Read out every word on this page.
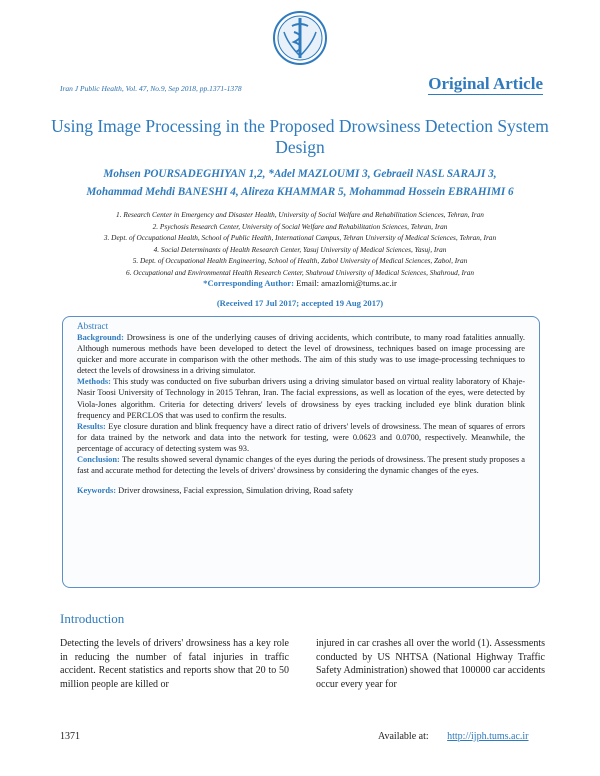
Iran J Public Health, Vol. 47, No.9, Sep 2018, pp.1371-1378	Original Article
Using Image Processing in the Proposed Drowsiness Detection System Design
Mohsen POURSADEGHIYAN 1,2, *Adel MAZLOUMI 3, Gebraeil NASL SARAJI 3,
Mohammad Mehdi BANESHI 4, Alireza KHAMMAR 5, Mohammad Hossein EBRAHIMI 6
1. Research Center in Emergency and Disaster Health, University of Social Welfare and Rehabilitation Sciences, Tehran, Iran
2. Psychosis Research Center, University of Social Welfare and Rehabilitation Sciences, Tehran, Iran
3. Dept. of Occupational Health, School of Public Health, International Campus, Tehran University of Medical Sciences, Tehran, Iran
4. Social Determinants of Health Research Center, Yasuj University of Medical Sciences, Yasuj, Iran
5. Dept. of Occupational Health Engineering, School of Health, Zabol University of Medical Sciences, Zabol, Iran
6. Occupational and Environmental Health Research Center, Shahroud University of Medical Sciences, Shahroud, Iran
*Corresponding Author: Email: amazlomi@tums.ac.ir
(Received 17 Jul 2017; accepted 19 Aug 2017)
Abstract

Background: Drowsiness is one of the underlying causes of driving accidents, which contribute, to many road fatalities annually. Although numerous methods have been developed to detect the level of drowsiness, techniques based on image processing are quicker and more accurate in comparison with the other methods. The aim of this study was to use image-processing techniques to detect the levels of drowsiness in a driving simulator.

Methods: This study was conducted on five suburban drivers using a driving simulator based on virtual reality laboratory of Khaje-Nasir Toosi University of Technology in 2015 Tehran, Iran. The facial expressions, as well as location of the eyes, were detected by Viola-Jones algorithm. Criteria for detecting drivers' levels of drowsiness by eyes tracking included eye blink duration blink frequency and PERCLOS that was used to confirm the results.

Results: Eye closure duration and blink frequency have a direct ratio of drivers' levels of drowsiness. The mean of squares of errors for data trained by the network and data into the network for testing, were 0.0623 and 0.0700, respectively. Meanwhile, the percentage of accuracy of detecting system was 93.

Conclusion: The results showed several dynamic changes of the eyes during the periods of drowsiness. The present study proposes a fast and accurate method for detecting the levels of drivers' drowsiness by considering the dynamic changes of the eyes.

Keywords: Driver drowsiness, Facial expression, Simulation driving, Road safety
Introduction
Detecting the levels of drivers' drowsiness has a key role in reducing the number of fatal injuries in traffic accident. Recent statistics and reports show that 20 to 50 million people are killed or
injured in car crashes all over the world (1). Assessments conducted by US NHTSA (National Highway Traffic Safety Administration) showed that 100000 car accidents occur every year for
1371	Available at: http://ijph.tums.ac.ir
